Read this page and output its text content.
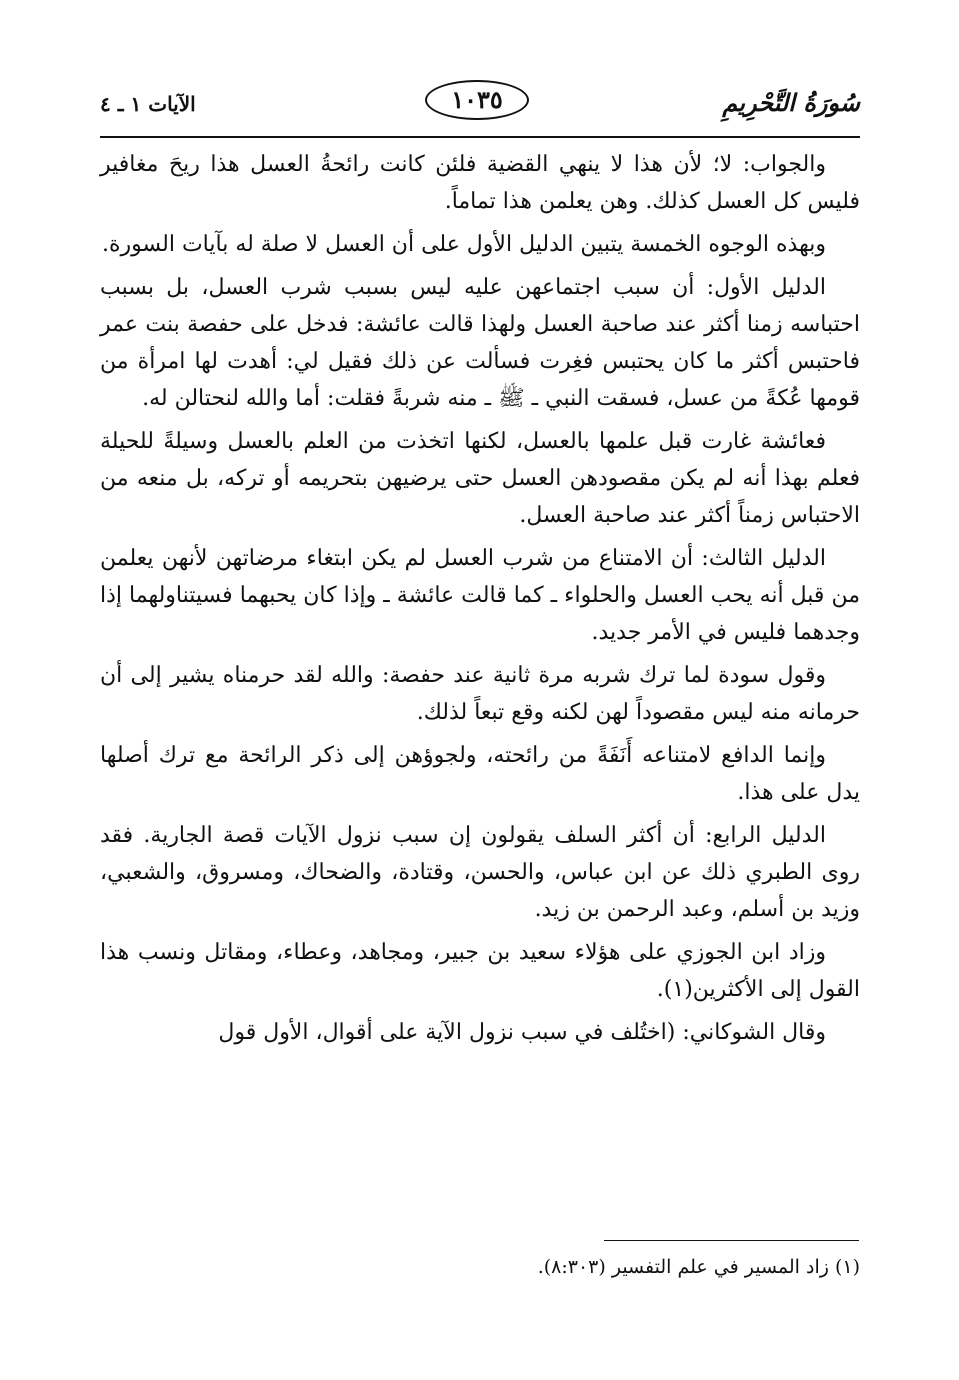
سُورَةُ التَّحْرِيمِ
١٠٣٥
الآيات ١ ـ ٤

والجواب: لا؛ لأن هذا لا ينهي القضية فلئن كانت رائحةُ العسل هذا ريحَ مغافير فليس كل العسل كذلك. وهن يعلمن هذا تماماً.

وبهذه الوجوه الخمسة يتبين الدليل الأول على أن العسل لا صلة له بآيات السورة.

الدليل الأول: أن سبب اجتماعهن عليه ليس بسبب شرب العسل، بل بسبب احتباسه زمنا أكثر عند صاحبة العسل ولهذا قالت عائشة: فدخل على حفصة بنت عمر فاحتبس أكثر ما كان يحتبس فغِرت فسألت عن ذلك فقيل لي: أهدت لها امرأة من قومها عُكةً من عسل، فسقت النبي ـ ﷺ ـ منه شربةً فقلت: أما والله لنحتالن له.

فعائشة غارت قبل علمها بالعسل، لكنها اتخذت من العلم بالعسل وسيلةً للحيلة فعلم بهذا أنه لم يكن مقصودهن العسل حتى يرضيهن بتحريمه أو تركه، بل منعه من الاحتباس زمناً أكثر عند صاحبة العسل.

الدليل الثالث: أن الامتناع من شرب العسل لم يكن ابتغاء مرضاتهن لأنهن يعلمن من قبل أنه يحب العسل والحلواء ـ كما قالت عائشة ـ وإذا كان يحبهما فسيتناولهما إذا وجدهما فليس في الأمر جديد.

وقول سودة لما ترك شربه مرة ثانية عند حفصة: والله لقد حرمناه يشير إلى أن حرمانه منه ليس مقصوداً لهن لكنه وقع تبعاً لذلك.

وإنما الدافع لامتناعه أَنَفَةً من رائحته، ولجوؤهن إلى ذكر الرائحة مع ترك أصلها يدل على هذا.

الدليل الرابع: أن أكثر السلف يقولون إن سبب نزول الآيات قصة الجارية. فقد روى الطبري ذلك عن ابن عباس، والحسن، وقتادة، والضحاك، ومسروق، والشعبي، وزيد بن أسلم، وعبد الرحمن بن زيد.

وزاد ابن الجوزي على هؤلاء سعيد بن جبير، ومجاهد، وعطاء، ومقاتل ونسب هذا القول إلى الأكثرين(١).

وقال الشوكاني: (اختُلف في سبب نزول الآية على أقوال، الأول قول

(١) زاد المسير في علم التفسير (٨:٣٠٣).
